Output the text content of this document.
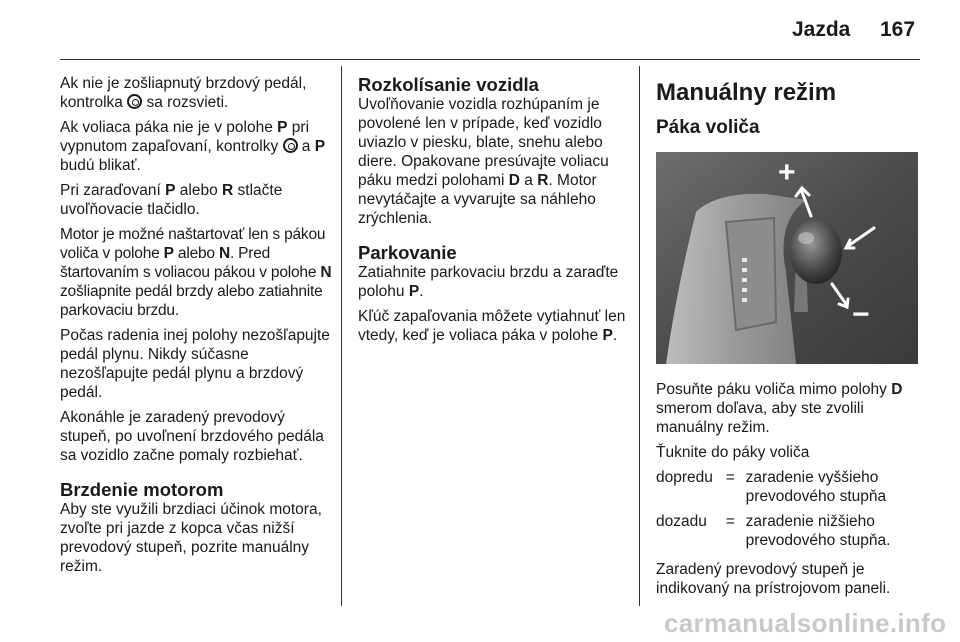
Jazda 167

Ak nie je zošliapnutý brzdový pedál, kontrolka  sa rozsvieti.

Ak voliaca páka nie je v polohe P pri vypnutom zapaľovaní, kontrolky  a P budú blikať.

Pri zaraďovaní P alebo R stlačte uvoľňovacie tlačidlo.

Motor je možné naštartovať len s pákou voliča v polohe P alebo N. Pred štartovaním s voliacou pákou v polohe N zošliapnite pedál brzdy alebo zatiahnite parkovaciu brzdu.

Počas radenia inej polohy nezošľapujte pedál plynu. Nikdy súčasne nezošľapujte pedál plynu a brzdový pedál.

Akonáhle je zaradený prevodový stupeň, po uvoľnení brzdového pedála sa vozidlo začne pomaly rozbiehať.

Brzdenie motorom

Aby ste využili brzdiaci účinok motora, zvoľte pri jazde z kopca včas nižší prevodový stupeň, pozrite manuálny režim.

Rozkolísanie vozidla

Uvoľňovanie vozidla rozhúpaním je povolené len v prípade, keď vozidlo uviazlo v piesku, blate, snehu alebo diere. Opakovane presúvajte voliacu páku medzi polohami D a R. Motor nevytáčajte a vyvarujte sa náhleho zrýchlenia.

Parkovanie

Zatiahnite parkovaciu brzdu a zaraďte polohu P.

Kľúč zapaľovania môžete vytiahnuť len vtedy, keď je voliaca páka v polohe P.

Manuálny režim
Páka voliča
+
−

Posuňte páku voliča mimo polohy D smerom doľava, aby ste zvolili manuálny režim.

Ťuknite do páky voliča

dopredu = zaradenie vyššieho prevodového stupňa
dozadu	= zaradenie nižšieho prevodového stupňa.

Zaradený prevodový stupeň je indikovaný na prístrojovom paneli.

carmanualsonline.info
